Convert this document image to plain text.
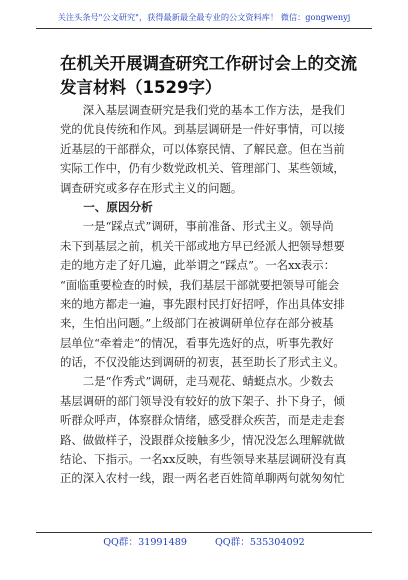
关注头条号"公文研究"，获得最新最全最专业的公文资料库！ 微信：gongwenyj
在机关开展调查研究工作研讨会上的交流
发言材料（1529字）
　　深入基层调查研究是我们党的基本工作方法，是我们
党的优良传统和作风。到基层调研是一件好事情，可以接
近基层的干部群众，可以体察民情、了解民意。但在当前
实际工作中，仍有少数党政机关、管理部门、某些领域，
调查研究或多存在形式主义的问题。
　　一、原因分析
　　一是“踩点式”调研，事前准备、形式主义。领导尚
未下到基层之前，机关干部或地方早已经派人把领导想要
走的地方走了好几遍，此举谓之“踩点”。一名xx表示：
“面临重要检查的时候，我们基层干部就要把领导可能会
来的地方都走一遍，事先跟村民打好招呼，作出具体安排
来，生怕出问题。”上级部门在被调研单位存在部分被基
层单位“牵着走”的情况，看事先选好的点，听事先教好
的话，不仅没能达到调研的初衷，甚至助长了形式主义。
　　二是“作秀式”调研，走马观花、蜻蜓点水。少数去
基层调研的部门领导没有较好的放下架子、扑下身子，倾
听群众呼声，体察群众情绪，感受群众疾苦，而是走走套
路、做做样子，没跟群众接触多少，情况没怎么理解就做
结论、下指示。一名xx反映，有些领导来基层调研没有真
正的深入农村一线，跟一两名老百姓简单聊两句就匆匆忙
QQ群：31991489	QQ群：535304092
